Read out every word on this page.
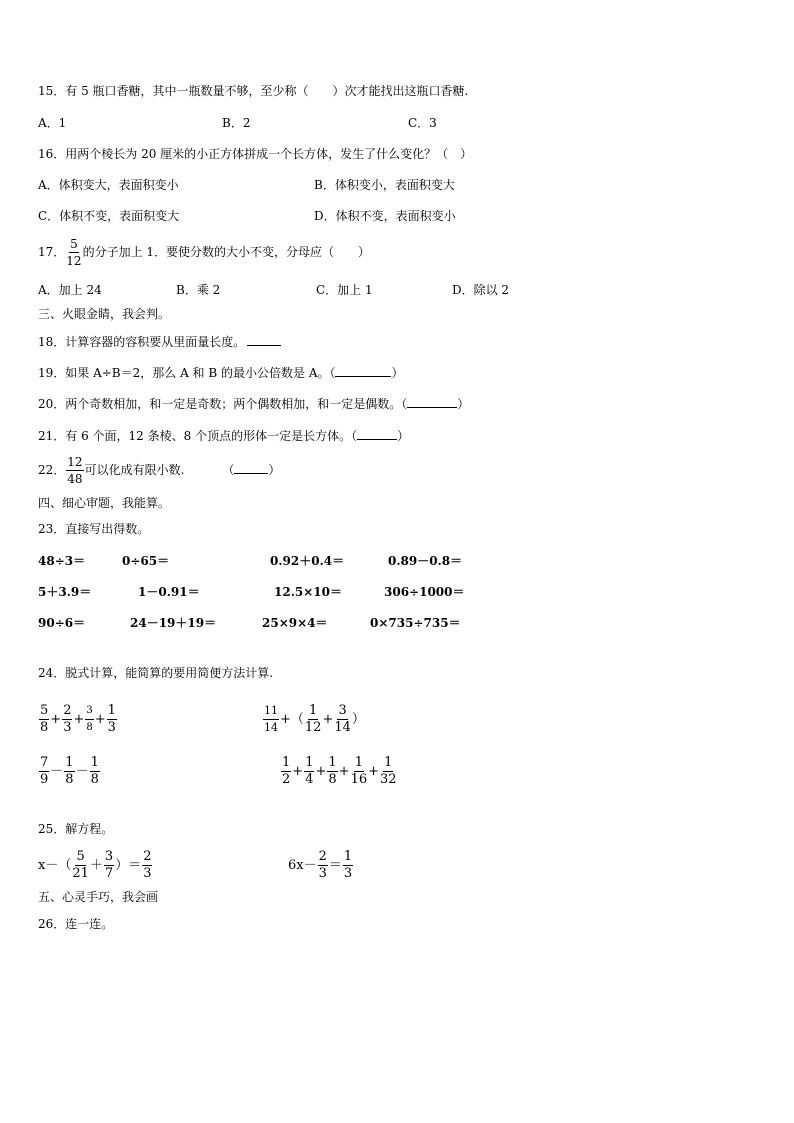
15．有 5 瓶口香糖，其中一瓶数量不够，至少称（　　）次才能找出这瓶口香糖.
A．1	B．2	C．3
16．用两个棱长为 20 厘米的小正方体拼成一个长方体，发生了什么变化？（　）
A．体积变大，表面积变小	B．体积变小，表面积变大
C．体积不变，表面积变大	D．体积不变，表面积变小
17． $\frac{5}{12}$ 的分子加上 1．要使分数的大小不变，分母应（　　）
A．加上 24	B．乘 2	C．加上 1	D．除以 2
三、火眼金睛，我会判。
18．计算容器的容积要从里面量长度。
19．如果 A÷B＝2，那么 A 和 B 的最小公倍数是 A。（	）
20．两个奇数相加，和一定是奇数；两个偶数相加，和一定是偶数。（	）
21．有 6 个面，12 条棱、8 个顶点的形体一定是长方体。（	）
22． $\frac{12}{48}$ 可以化成有限小数.	（	）
四、细心审题，我能算。
23．直接写出得数。
48÷3＝	0÷65＝	0.92＋0.4＝	0.89－0.8＝
5＋3.9＝	1－0.91＝	12.5×10＝	306÷1000＝
90÷6＝	24－19＋19＝	25×9×4＝	0×735÷735＝
24．脱式计算，能简算的要用简便方法计算.
$\frac{5}{8} + \frac{2}{3} + \frac{3}{8} + \frac{1}{3}$	$\frac{11}{14}$ +（ $\frac{1}{12} + \frac{3}{14}$ ）
$\frac{7}{9} - \frac{1}{8} - \frac{1}{8}$	$\frac{1}{2} + \frac{1}{4} + \frac{1}{8} + \frac{1}{16} + \frac{1}{32}$
25．解方程。
$x-( \frac{5}{21} + \frac{3}{7}$ ）＝ $\frac{2}{3}$	$6x- \frac{2}{3} = \frac{1}{3}$
五、心灵手巧，我会画
26．连一连。
